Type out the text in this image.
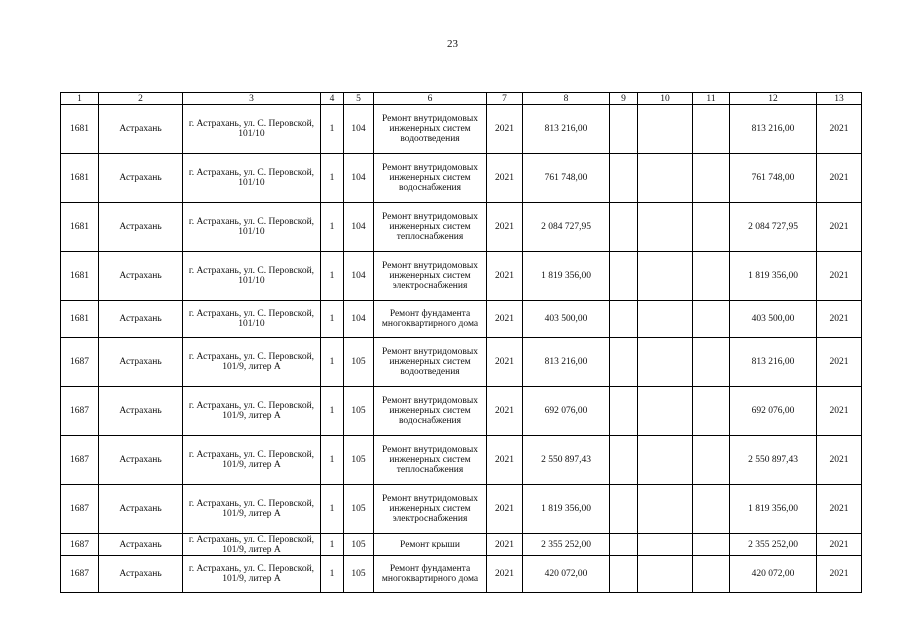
23
1	2	3	4	5	6	7	8	9	10	11	12	13
1681	Астрахань	г. Астрахань, ул. С. Перовской, 101/10	1	104	Ремонт внутридомовых инженерных систем водоотведения	2021	813 216,00				813 216,00	2021
1681	Астрахань	г. Астрахань, ул. С. Перовской, 101/10	1	104	Ремонт внутридомовых инженерных систем водоснабжения	2021	761 748,00				761 748,00	2021
1681	Астрахань	г. Астрахань, ул. С. Перовской, 101/10	1	104	Ремонт внутридомовых инженерных систем теплоснабжения	2021	2 084 727,95				2 084 727,95	2021
1681	Астрахань	г. Астрахань, ул. С. Перовской, 101/10	1	104	Ремонт внутридомовых инженерных систем электроснабжения	2021	1 819 356,00				1 819 356,00	2021
1681	Астрахань	г. Астрахань, ул. С. Перовской, 101/10	1	104	Ремонт фундамента многоквартирного дома	2021	403 500,00				403 500,00	2021
1687	Астрахань	г. Астрахань, ул. С. Перовской, 101/9, литер А	1	105	Ремонт внутридомовых инженерных систем водоотведения	2021	813 216,00				813 216,00	2021
1687	Астрахань	г. Астрахань, ул. С. Перовской, 101/9, литер А	1	105	Ремонт внутридомовых инженерных систем водоснабжения	2021	692 076,00				692 076,00	2021
1687	Астрахань	г. Астрахань, ул. С. Перовской, 101/9, литер А	1	105	Ремонт внутридомовых инженерных систем теплоснабжения	2021	2 550 897,43				2 550 897,43	2021
1687	Астрахань	г. Астрахань, ул. С. Перовской, 101/9, литер А	1	105	Ремонт внутридомовых инженерных систем электроснабжения	2021	1 819 356,00				1 819 356,00	2021
1687	Астрахань	г. Астрахань, ул. С. Перовской, 101/9, литер А	1	105	Ремонт крыши	2021	2 355 252,00				2 355 252,00	2021
1687	Астрахань	г. Астрахань, ул. С. Перовской, 101/9, литер А	1	105	Ремонт фундамента многоквартирного дома	2021	420 072,00				420 072,00	2021
